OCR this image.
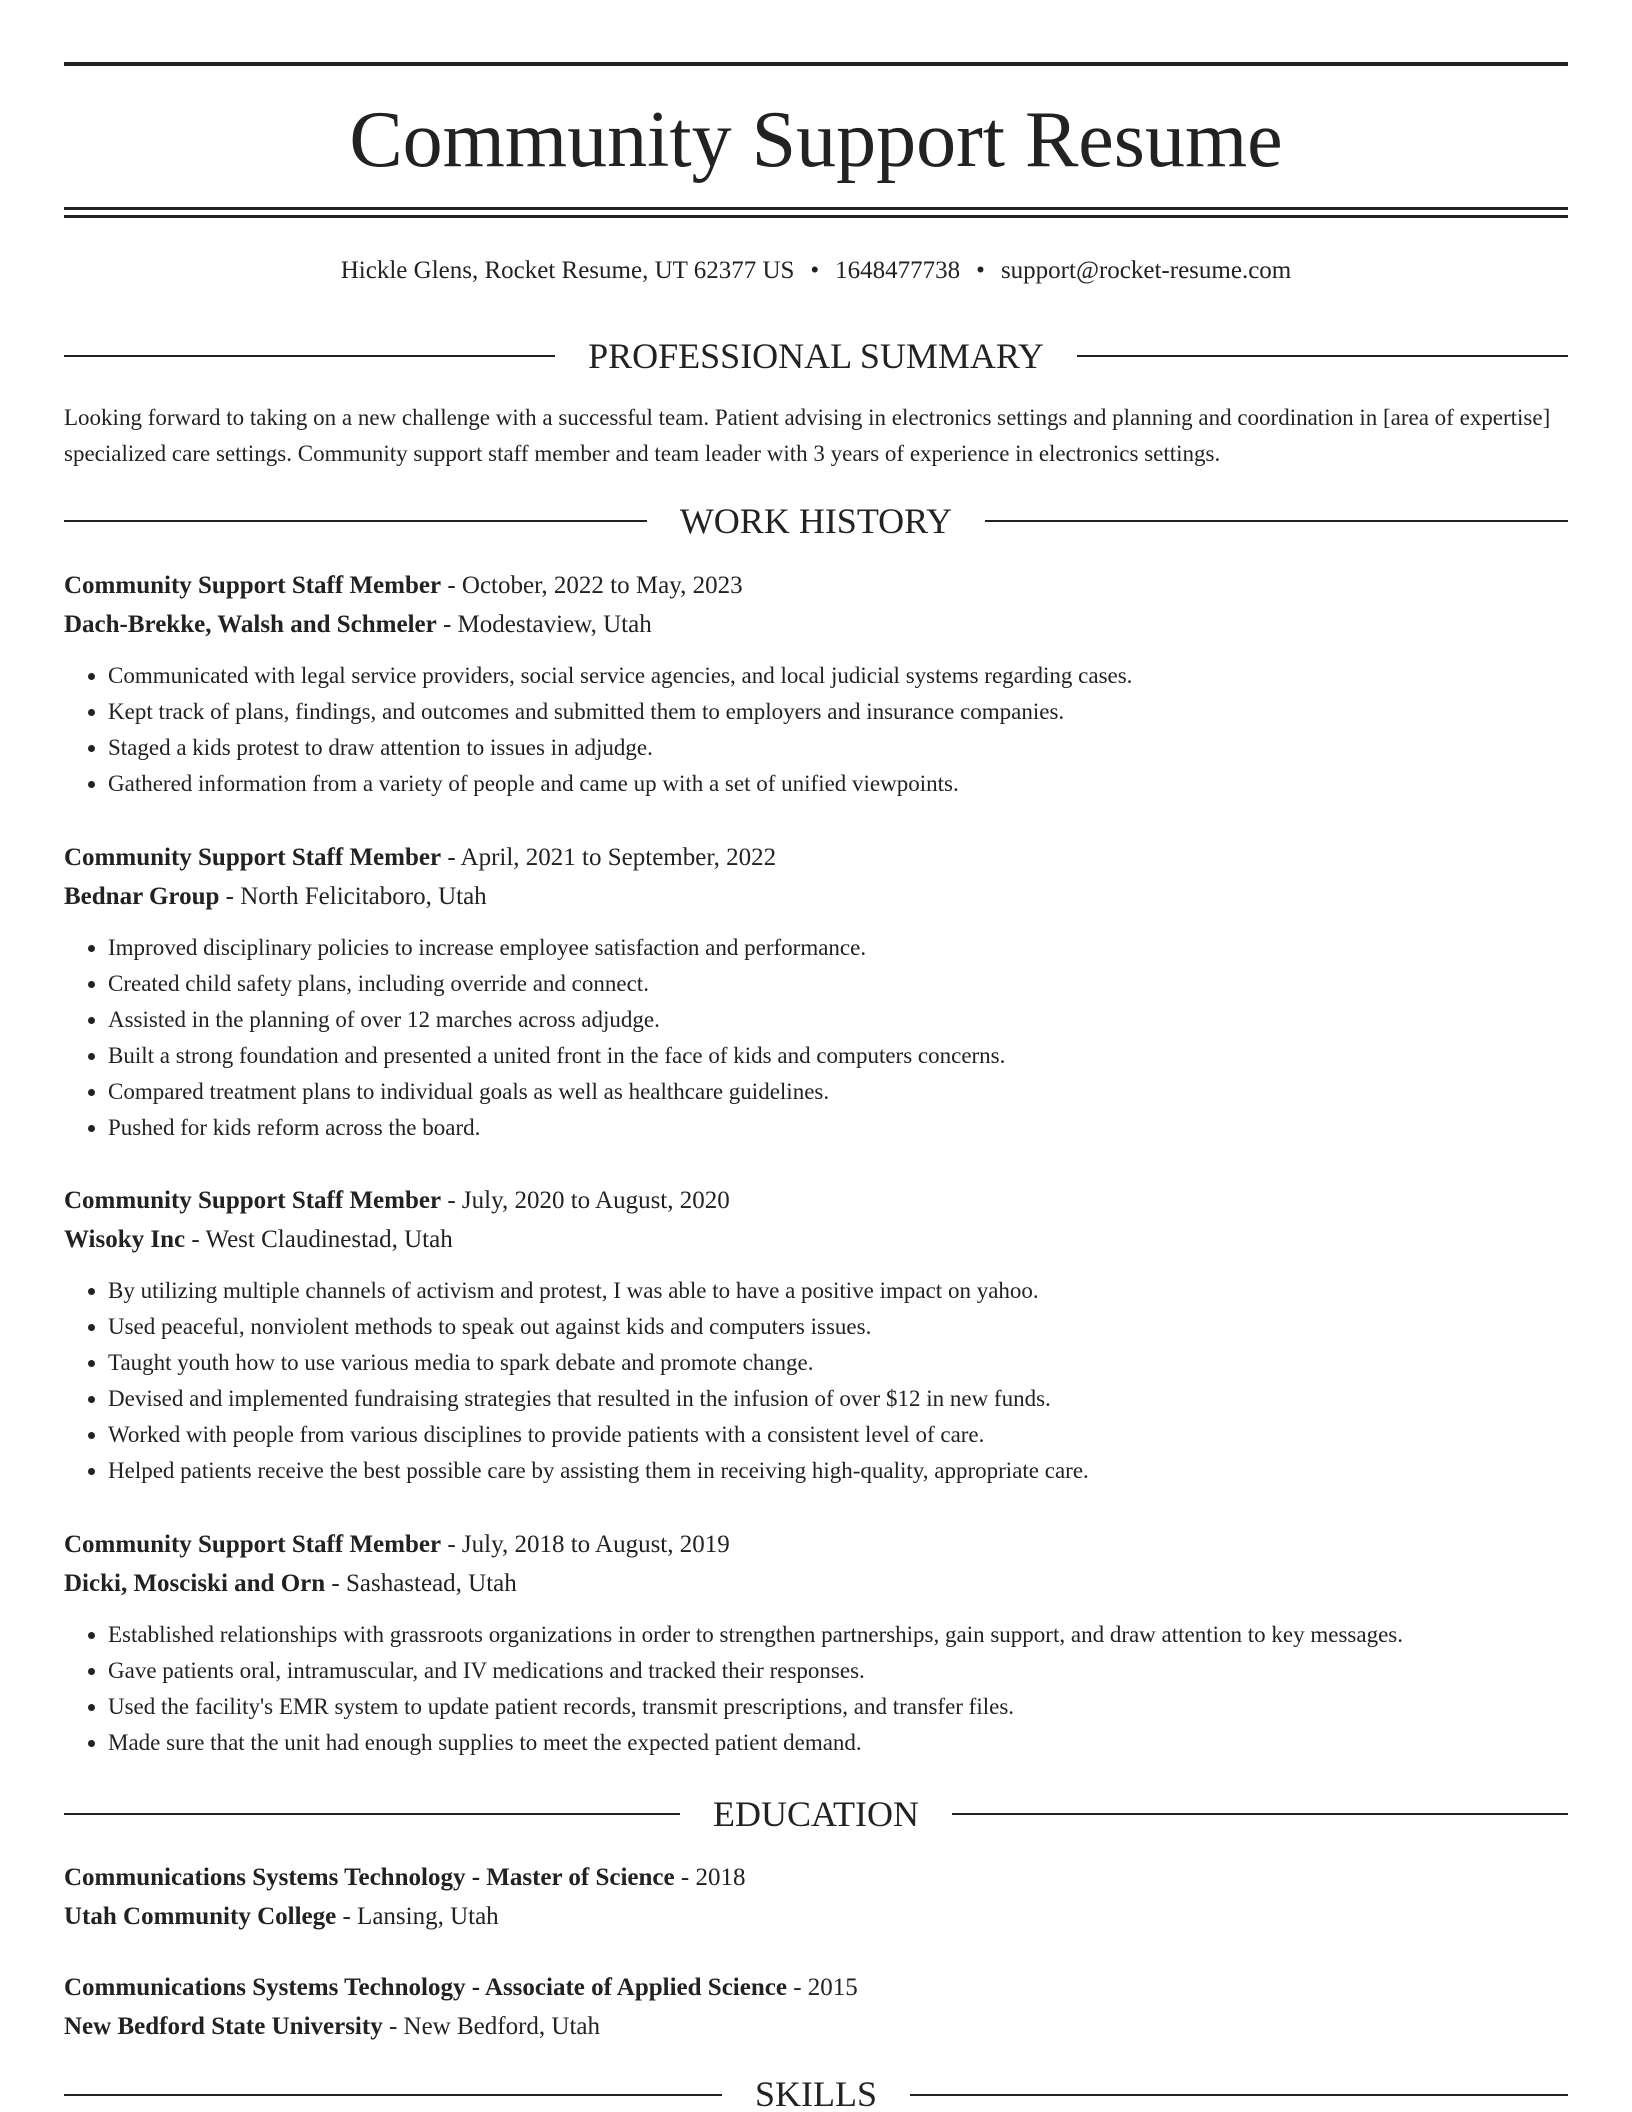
Community Support Resume
Hickle Glens, Rocket Resume, UT 62377 US • 1648477738 • support@rocket-resume.com
PROFESSIONAL SUMMARY

Looking forward to taking on a new challenge with a successful team. Patient advising in electronics settings and planning and coordination in [area of expertise] specialized care settings. Community support staff member and team leader with 3 years of experience in electronics settings.

WORK HISTORY
Community Support Staff Member - October, 2022 to May, 2023
Dach-Brekke, Walsh and Schmeler - Modestaview, Utah
• Communicated with legal service providers, social service agencies, and local judicial systems regarding cases.
• Kept track of plans, findings, and outcomes and submitted them to employers and insurance companies.
• Staged a kids protest to draw attention to issues in adjudge.
• Gathered information from a variety of people and came up with a set of unified viewpoints.
Community Support Staff Member - April, 2021 to September, 2022
Bednar Group - North Felicitaboro, Utah
• Improved disciplinary policies to increase employee satisfaction and performance.
• Created child safety plans, including override and connect.
• Assisted in the planning of over 12 marches across adjudge.
• Built a strong foundation and presented a united front in the face of kids and computers concerns.
• Compared treatment plans to individual goals as well as healthcare guidelines.
• Pushed for kids reform across the board.
Community Support Staff Member - July, 2020 to August, 2020
Wisoky Inc - West Claudinestad, Utah
• By utilizing multiple channels of activism and protest, I was able to have a positive impact on yahoo.
• Used peaceful, nonviolent methods to speak out against kids and computers issues.
• Taught youth how to use various media to spark debate and promote change.
• Devised and implemented fundraising strategies that resulted in the infusion of over $12 in new funds.
• Worked with people from various disciplines to provide patients with a consistent level of care.
• Helped patients receive the best possible care by assisting them in receiving high-quality, appropriate care.
Community Support Staff Member - July, 2018 to August, 2019
Dicki, Mosciski and Orn - Sashastead, Utah
• Established relationships with grassroots organizations in order to strengthen partnerships, gain support, and draw attention to key messages.
• Gave patients oral, intramuscular, and IV medications and tracked their responses.
• Used the facility's EMR system to update patient records, transmit prescriptions, and transfer files.
• Made sure that the unit had enough supplies to meet the expected patient demand.
EDUCATION
Communications Systems Technology - Master of Science - 2018
Utah Community College - Lansing, Utah
Communications Systems Technology - Associate of Applied Science - 2015
New Bedford State University - New Bedford, Utah
SKILLS
